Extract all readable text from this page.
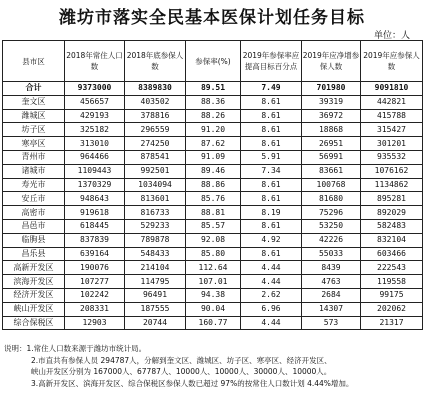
潍坊市落实全民基本医保计划任务目标
单位：人
县市区	2018年常住人口数	2018年底参保人数	参保率(%)	2019年参保率应提高目标百分点	2019年应净增参保人数	2019年应参保人数
合计	9373000	8389830	89.51	7.49	701980	9091810
奎文区	456657	403502	88.36	8.61	39319	442821
潍城区	429193	378816	88.26	8.61	36972	415788
坊子区	325182	296559	91.20	8.61	18868	315427
寒亭区	313010	274250	87.62	8.61	26951	301201
青州市	964466	878541	91.09	5.91	56991	935532
诸城市	1109443	992501	89.46	7.34	83661	1076162
寿光市	1370329	1034094	88.86	8.61	100768	1134862
安丘市	948643	813601	85.76	8.61	81680	895281
高密市	919618	816733	88.81	8.19	75296	892029
昌邑市	618445	529233	85.57	8.61	53250	582483
临朐县	837839	789878	92.08	4.92	42226	832104
昌乐县	639164	548433	85.80	8.61	55033	603466
高新开发区	190076	214104	112.64	4.44	8439	222543
滨海开发区	107277	114795	107.01	4.44	4763	119558
经济开发区	102242	96491	94.38	2.62	2684	99175
峡山开发区	208331	187555	90.04	6.96	14307	202062
综合保税区	12903	20744	160.77	4.44	573	21317
说明：1.常住人口数来源于潍坊市统计局。
2.市直共有参保人员 294787人，分解到奎文区、潍城区、坊子区、寒亭区、经济开发区、
峡山开发区分别为 167000人、67787人、10000人、10000人、30000人、10000人。
3.高新开发区、滨海开发区、综合保税区参保人数已超过 97%的按常住人口数计划 4.44%增加。
